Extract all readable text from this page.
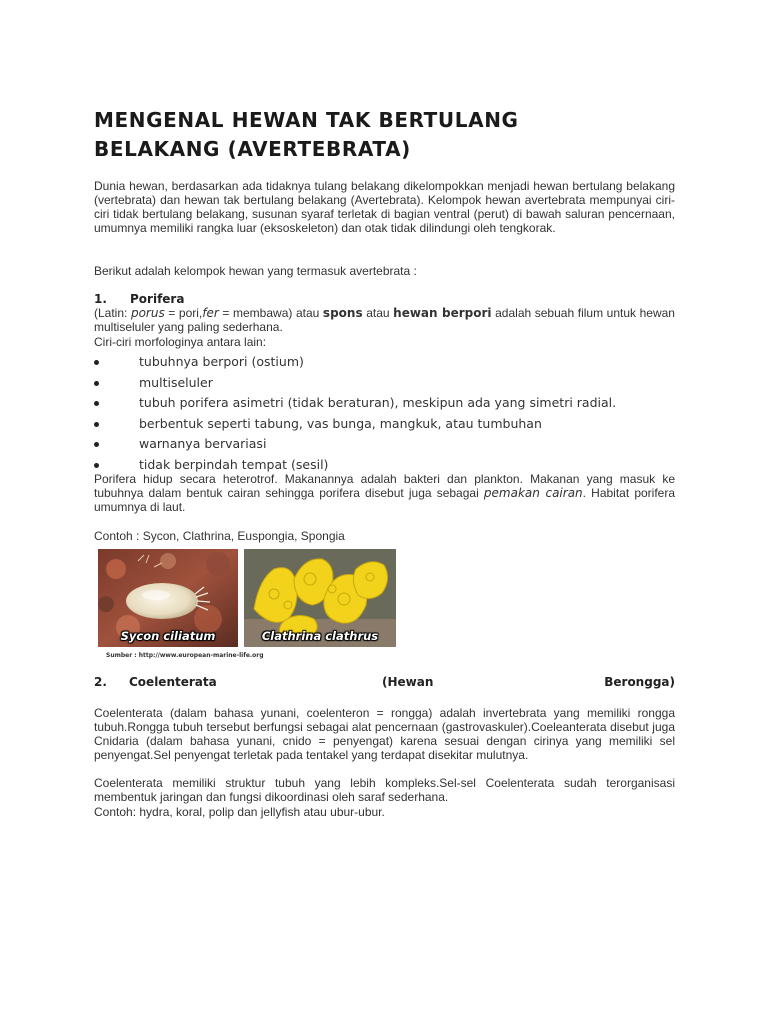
MENGENAL HEWAN TAK BERTULANG
BELAKANG (AVERTEBRATA)

Dunia hewan, berdasarkan ada tidaknya tulang belakang dikelompokkan menjadi hewan bertulang belakang (vertebrata) dan hewan tak bertulang belakang (Avertebrata). Kelompok hewan avertebrata mempunyai ciri-ciri tidak bertulang belakang, susunan syaraf terletak di bagian ventral (perut) di bawah saluran pencernaan, umumnya memiliki rangka luar (eksoskeleton) dan otak tidak dilindungi oleh tengkorak.

Berikut adalah kelompok hewan yang termasuk avertebrata :

1. Porifera

(Latin: porus = pori,fer = membawa) atau spons atau hewan berpori adalah sebuah filum untuk hewan multiseluler yang paling sederhana.

Ciri-ciri morfologinya antara lain:

tubuhnya berpori (ostium)
multiseluler
tubuh porifera asimetri (tidak beraturan), meskipun ada yang simetri radial.
berbentuk seperti tabung, vas bunga, mangkuk, atau tumbuhan
warnanya bervariasi
tidak berpindah tempat (sesil)

Porifera hidup secara heterotrof. Makanannya adalah bakteri dan plankton. Makanan yang masuk ke tubuhnya dalam bentuk cairan sehingga porifera disebut juga sebagai pemakan cairan. Habitat porifera umumnya di laut.

Contoh : Sycon, Clathrina, Euspongia, Spongia

Sycon ciliatum	Clathrina clathrus
Sumber : http://www.european-marine-life.org
2. Coelenterata	(Hewan	Berongga)

Coelenterata (dalam bahasa yunani, coelenteron = rongga) adalah invertebrata yang memiliki rongga tubuh.Rongga tubuh tersebut berfungsi sebagai alat pencernaan (gastrovaskuler).Coeleanterata disebut juga Cnidaria (dalam bahasa yunani, cnido = penyengat) karena sesuai dengan cirinya yang memiliki sel penyengat.Sel penyengat terletak pada tentakel yang terdapat disekitar mulutnya.

Coelenterata memiliki struktur tubuh yang lebih kompleks.Sel-sel Coelenterata sudah terorganisasi membentuk jaringan dan fungsi dikoordinasi oleh saraf sederhana.

Contoh: hydra, koral, polip dan jellyfish atau ubur-ubur.
